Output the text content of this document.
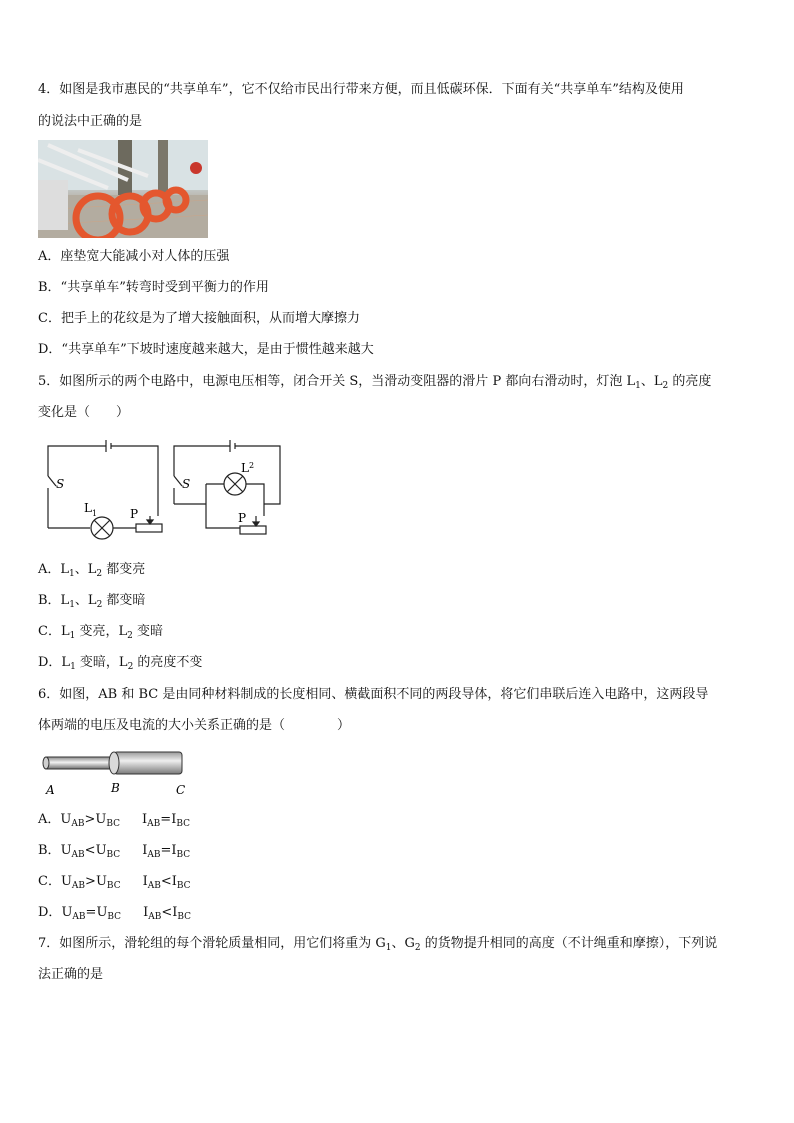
4．如图是我市惠民的“共享单车”，它不仅给市民出行带来方便，而且低碳环保．下面有关“共享单车”结构及使用
的说法中正确的是
A．座垫宽大能减小对人体的压强
B．“共享单车”转弯时受到平衡力的作用
C．把手上的花纹是为了增大接触面积，从而增大摩擦力
D．“共享单车”下坡时速度越来越大，是由于惯性越来越大
5．如图所示的两个电路中，电源电压相等，闭合开关 S，当滑动变阻器的滑片 P 都向右滑动时，灯泡 $L_1$、$L_2$ 的亮度
变化是（　　）
S
L 1	P
S
L 2
P
A．$L_1$、$L_2$ 都变亮
B．$L_1$、$L_2$ 都变暗
C．$L_1$ 变亮，$L_2$ 变暗
D．$L_1$ 变暗，$L_2$ 的亮度不变
6．如图，AB 和 BC 是由同种材料制成的长度相同、横截面积不同的两段导体，将它们串联后连入电路中，这两段导
体两端的电压及电流的大小关系正确的是（　　　　）
A	B	C
A．$U_{AB}>U_{BC}$ $I_{AB}=I_{BC}$
B．$U_{AB}<U_{BC}$ $I_{AB}=I_{BC}$
C．$U_{AB}>U_{BC}$ $I_{AB}<I_{BC}$
D．$U_{AB}=U_{BC}$ $I_{AB}<I_{BC}$
7．如图所示，滑轮组的每个滑轮质量相同，用它们将重为 $G_1$、$G_2$ 的货物提升相同的高度（不计绳重和摩擦），下列说
法正确的是
